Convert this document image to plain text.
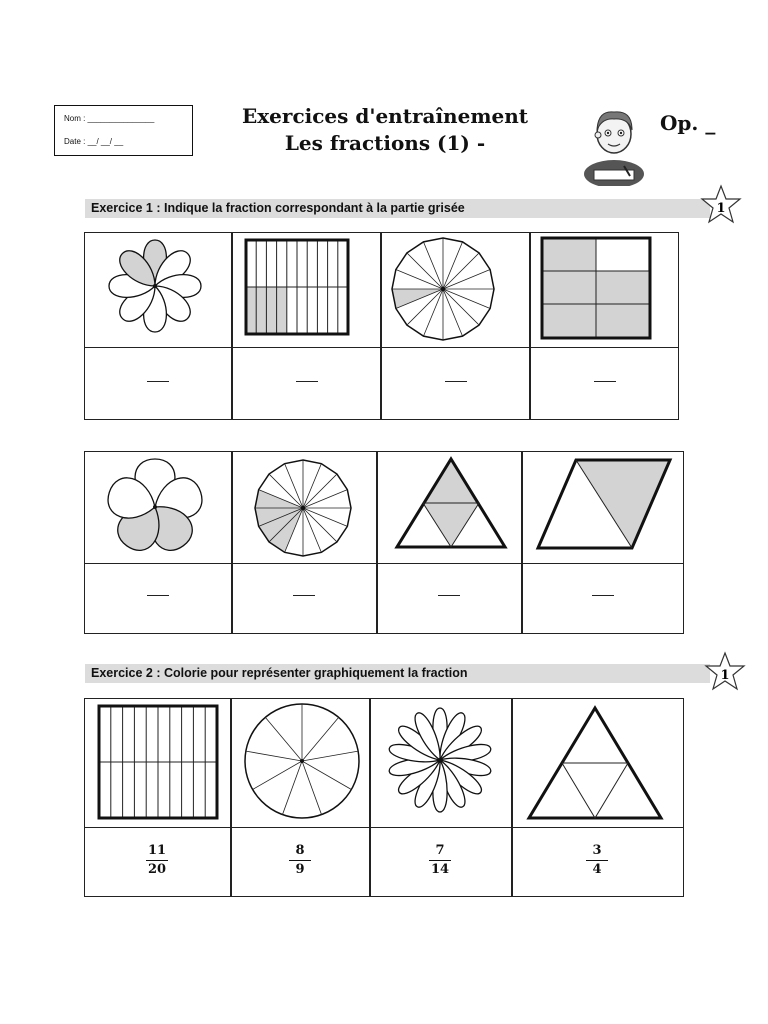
Nom : _______________
Date : __/ __/ __
Exercices d'entraînement
Les fractions (1) -
Op. _
Exercice 1 : Indique la fraction correspondant à la partie grisée	1
Exercice 2 : Colorie pour représenter graphiquement la fraction	1
11
20
8
9
7
14
3
4
